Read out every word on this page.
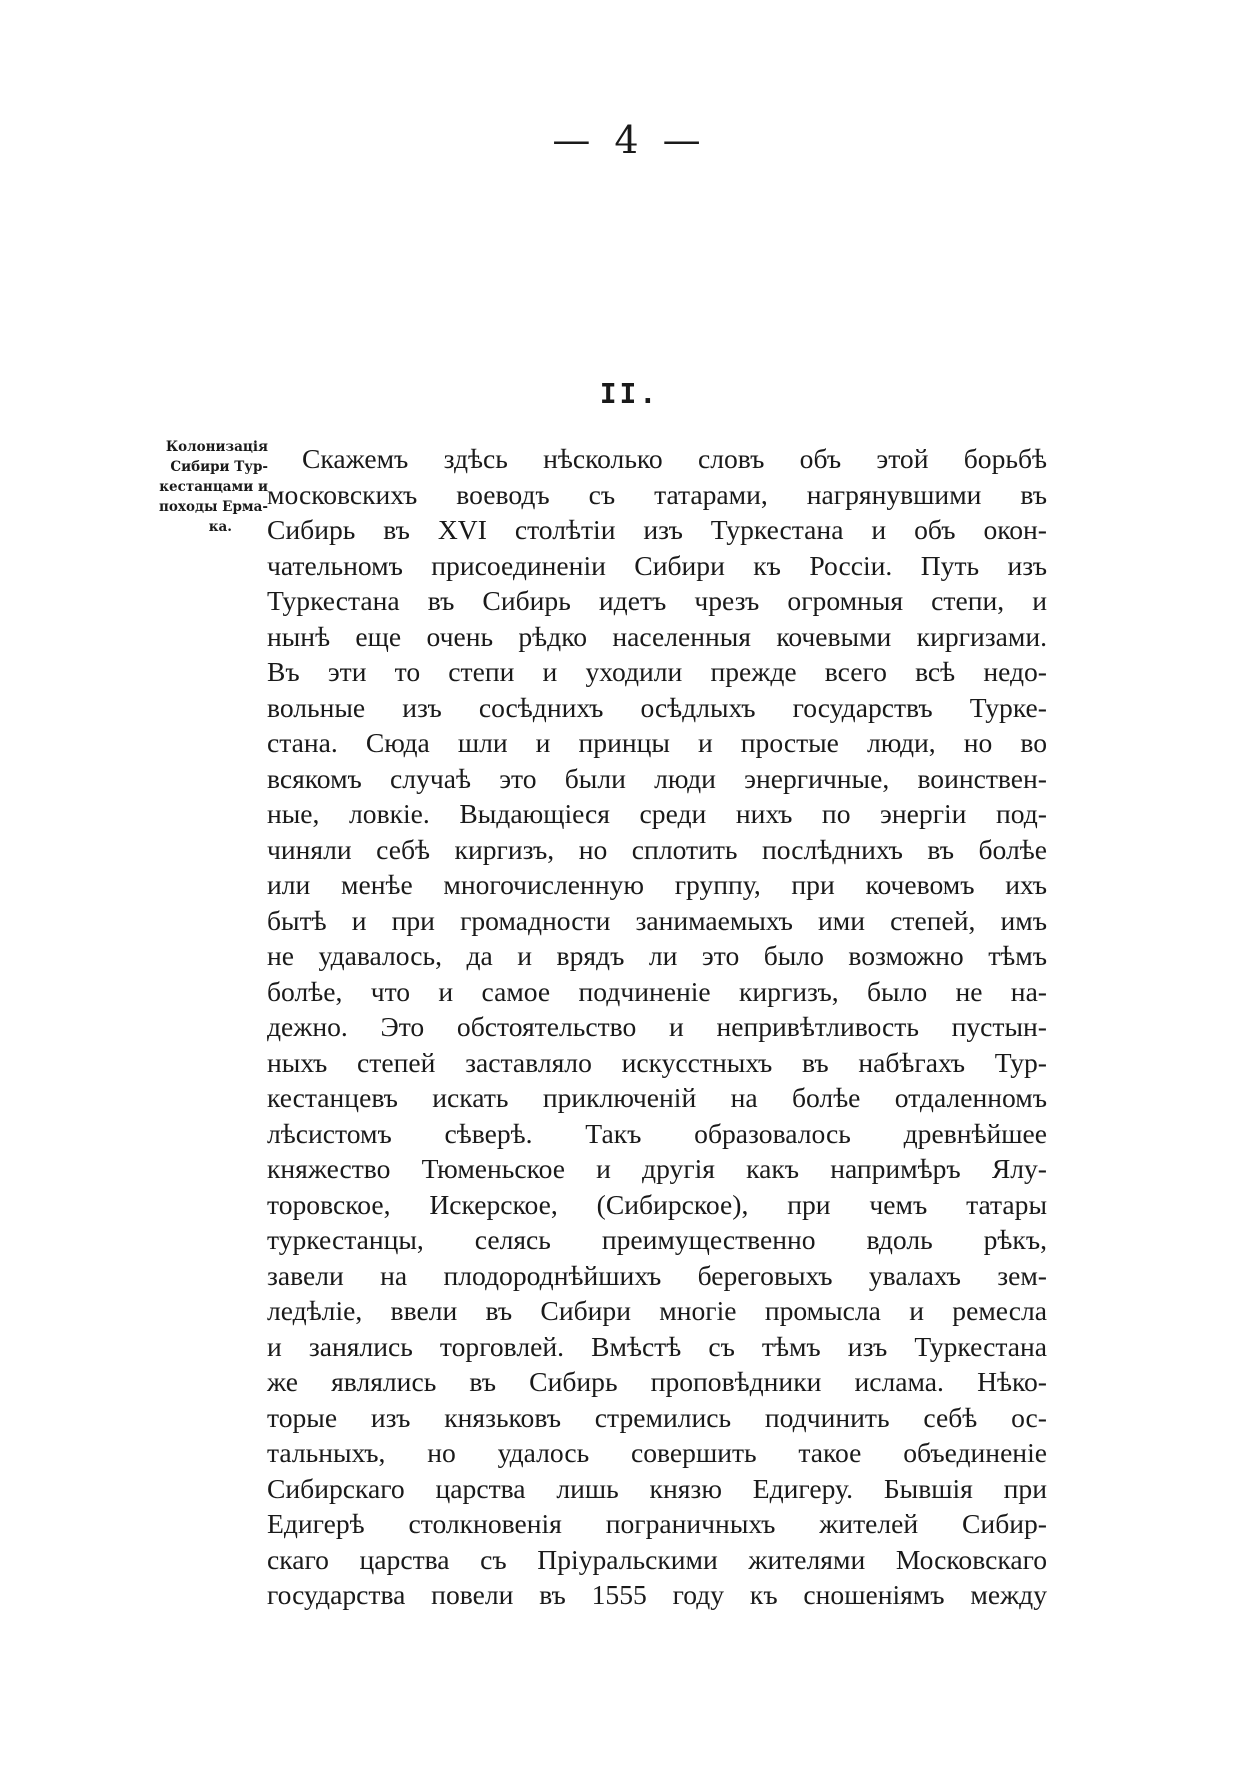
— 4 —
II.
Колонизація
Сибири Тур-
кестанцами и
походы Ерма-
ка.
Скажемъ здѣсь нѣсколько словъ объ этой борьбѣ
московскихъ воеводъ съ татарами, нагрянувшими въ
Сибирь въ XVI столѣтіи изъ Туркестана и объ окон-
чательномъ присоединеніи Сибири къ Россіи. Путь изъ
Туркестана въ Сибирь идетъ чрезъ огромныя степи, и
нынѣ еще очень рѣдко населенныя кочевыми киргизами.
Въ эти то степи и уходили прежде всего всѣ недо-
вольные изъ сосѣднихъ осѣдлыхъ государствъ Турке-
стана. Сюда шли и принцы и простые люди, но во
всякомъ случаѣ это были люди энергичные, воинствен-
ные, ловкіе. Выдающіеся среди нихъ по энергіи под-
чиняли себѣ киргизъ, но сплотить послѣднихъ въ болѣе
или менѣе многочисленную группу, при кочевомъ ихъ
бытѣ и при громадности занимаемыхъ ими степей, имъ
не удавалось, да и врядъ ли это было возможно тѣмъ
болѣе, что и самое подчиненіе киргизъ, было не на-
дежно. Это обстоятельство и непривѣтливость пустын-
ныхъ степей заставляло искусстныхъ въ набѣгахъ Тур-
кестанцевъ искать приключеній на болѣе отдаленномъ
лѣсистомъ сѣверѣ. Такъ образовалось древнѣйшее
княжество Тюменьское и другія какъ напримѣръ Ялу-
торовское, Искерское, (Сибирское), при чемъ татары
туркестанцы, селясь преимущественно вдоль рѣкъ,
завели на плодороднѣйшихъ береговыхъ увалахъ зем-
ледѣліе, ввели въ Сибири многіе промысла и ремесла
и занялись торговлей. Вмѣстѣ съ тѣмъ изъ Туркестана
же являлись въ Сибирь проповѣдники ислама. Нѣко-
торые изъ князьковъ стремились подчинить себѣ ос-
тальныхъ, но удалось совершить такое объединеніе
Сибирскаго царства лишь князю Едигеру. Бывшія при
Едигерѣ столкновенія пограничныхъ жителей Сибир-
скаго царства съ Пріуральскими жителями Московскаго
государства повели въ 1555 году къ сношеніямъ между
